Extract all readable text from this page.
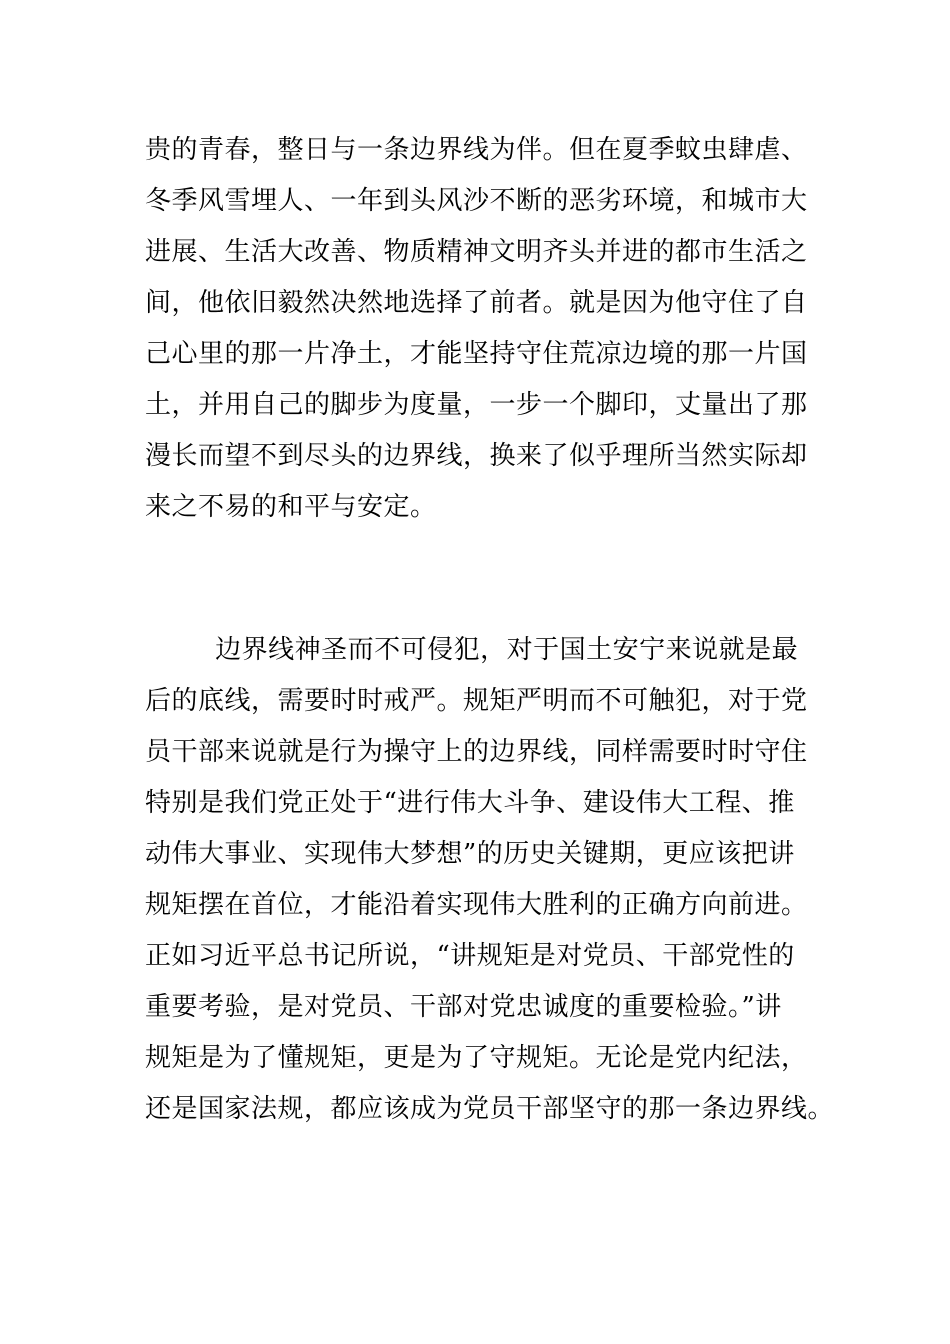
贵的青春，整日与一条边界线为伴。但在夏季蚊虫肆虐、
冬季风雪埋人、一年到头风沙不断的恶劣环境，和城市大
进展、生活大改善、物质精神文明齐头并进的都市生活之
间，他依旧毅然决然地选择了前者。就是因为他守住了自
己心里的那一片净土，才能坚持守住荒凉边境的那一片国
土，并用自己的脚步为度量，一步一个脚印，丈量出了那
漫长而望不到尽头的边界线，换来了似乎理所当然实际却
来之不易的和平与安定。
边界线神圣而不可侵犯，对于国土安宁来说就是最
后的底线，需要时时戒严。规矩严明而不可触犯，对于党
员干部来说就是行为操守上的边界线，同样需要时时守住
特别是我们党正处于“进行伟大斗争、建设伟大工程、推
动伟大事业、实现伟大梦想”的历史关键期，更应该把讲
规矩摆在首位，才能沿着实现伟大胜利的正确方向前进。
正如习近平总书记所说，“讲规矩是对党员、干部党性的
重要考验，是对党员、干部对党忠诚度的重要检验。”讲
规矩是为了懂规矩，更是为了守规矩。无论是党内纪法，
还是国家法规，都应该成为党员干部坚守的那一条边界线。
